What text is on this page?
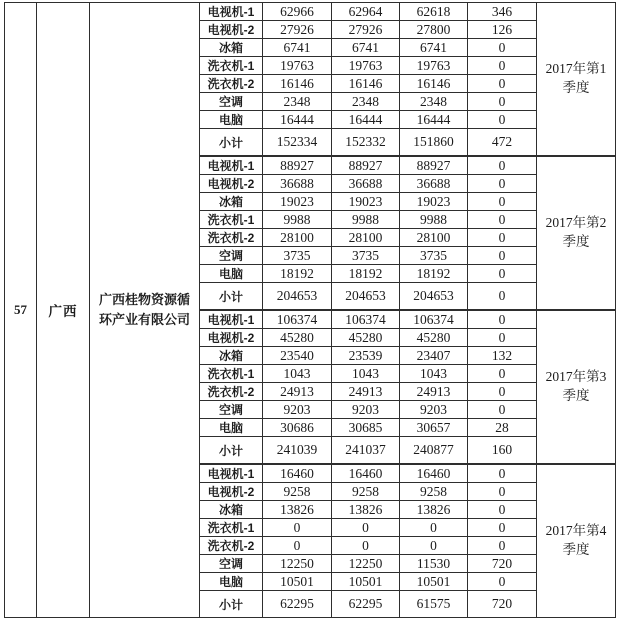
57	广西	广西桂物资源循环产业有限公司	电视机-1	62966	62964	62618	346	2017年第1季度
			电视机-2	27926	27926	27800	126	
			冰箱	6741	6741	6741	0	
			洗衣机-1	19763	19763	19763	0	
			洗衣机-2	16146	16146	16146	0	
			空调	2348	2348	2348	0	
			电脑	16444	16444	16444	0	
			小计	152334	152332	151860	472	
			电视机-1	88927	88927	88927	0	2017年第2季度
			电视机-2	36688	36688	36688	0	
			冰箱	19023	19023	19023	0	
			洗衣机-1	9988	9988	9988	0	
			洗衣机-2	28100	28100	28100	0	
			空调	3735	3735	3735	0	
			电脑	18192	18192	18192	0	
			小计	204653	204653	204653	0	
			电视机-1	106374	106374	106374	0	2017年第3季度
			电视机-2	45280	45280	45280	0	
			冰箱	23540	23539	23407	132	
			洗衣机-1	1043	1043	1043	0	
			洗衣机-2	24913	24913	24913	0	
			空调	9203	9203	9203	0	
			电脑	30686	30685	30657	28	
			小计	241039	241037	240877	160	
			电视机-1	16460	16460	16460	0	2017年第4季度
			电视机-2	9258	9258	9258	0	
			冰箱	13826	13826	13826	0	
			洗衣机-1	0	0	0	0	
			洗衣机-2	0	0	0	0	
			空调	12250	12250	11530	720	
			电脑	10501	10501	10501	0	
			小计	62295	62295	61575	720	
